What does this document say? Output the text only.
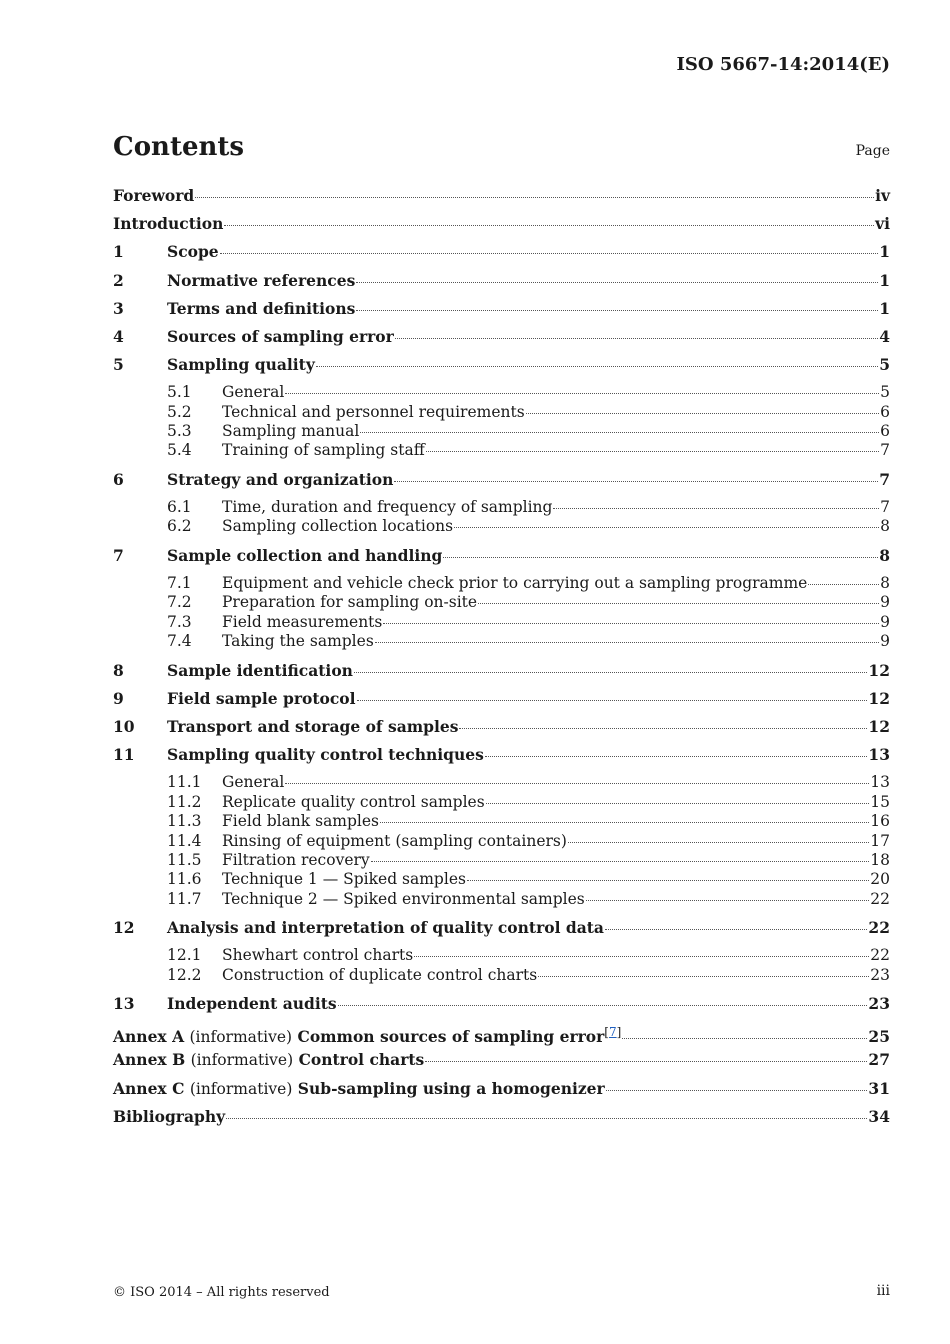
ISO 5667-14:2014(E)
Contents	Page
Foreword	iv
Introduction	vi
1	Scope	1
2	Normative references	1
3	Terms and definitions	1
4	Sources of sampling error	4
5	Sampling quality	5
5.1	General	5
5.2	Technical and personnel requirements	6
5.3	Sampling manual	6
5.4	Training of sampling staff	7
6	Strategy and organization	7
6.1	Time, duration and frequency of sampling	7
6.2	Sampling collection locations	8
7	Sample collection and handling	8
7.1	Equipment and vehicle check prior to carrying out a sampling programme	8
7.2	Preparation for sampling on-site	9
7.3	Field measurements	9
7.4	Taking the samples	9
8	Sample identification	12
9	Field sample protocol	12
10	Transport and storage of samples	12
11	Sampling quality control techniques	13
11.1	General	13
11.2	Replicate quality control samples	15
11.3	Field blank samples	16
11.4	Rinsing of equipment (sampling containers)	17
11.5	Filtration recovery	18
11.6	Technique 1 — Spiked samples	20
11.7	Technique 2 — Spiked environmental samples	22
12	Analysis and interpretation of quality control data	22
12.1	Shewhart control charts	22
12.2	Construction of duplicate control charts	23
13	Independent audits	23
Annex A (informative) Common sources of sampling error[7]	25
Annex B (informative) Control charts	27
Annex C (informative) Sub-sampling using a homogenizer	31
Bibliography	34
© ISO 2014 – All rights reserved	iii
